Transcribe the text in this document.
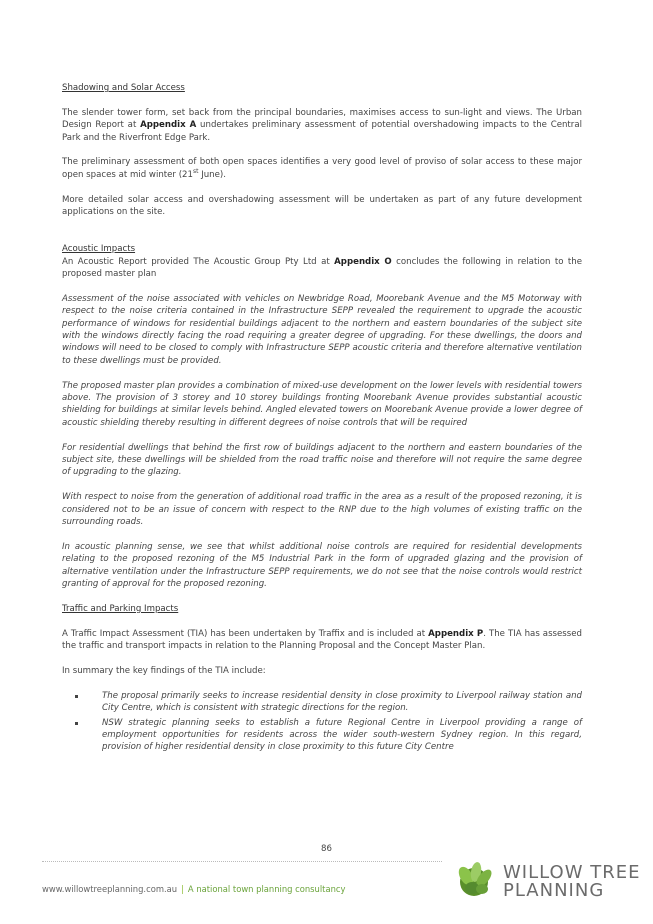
Shadowing and Solar Access

The slender tower form, set back from the principal boundaries, maximises access to sun-light and views. The Urban Design Report at Appendix A undertakes preliminary assessment of potential overshadowing impacts to the Central Park and the Riverfront Edge Park.

The preliminary assessment of both open spaces identifies a very good level of proviso of solar access to these major open spaces at mid winter (21st June).

More detailed solar access and overshadowing assessment will be undertaken as part of any future development applications on the site.

Acoustic Impacts

An Acoustic Report provided The Acoustic Group Pty Ltd at Appendix O concludes the following in relation to the proposed master plan

Assessment of the noise associated with vehicles on Newbridge Road, Moorebank Avenue and the M5 Motorway with respect to the noise criteria contained in the Infrastructure SEPP revealed the requirement to upgrade the acoustic performance of windows for residential buildings adjacent to the northern and eastern boundaries of the subject site with the windows directly facing the road requiring a greater degree of upgrading. For these dwellings, the doors and windows will need to be closed to comply with Infrastructure SEPP acoustic criteria and therefore alternative ventilation to these dwellings must be provided.

The proposed master plan provides a combination of mixed-use development on the lower levels with residential towers above. The provision of 3 storey and 10 storey buildings fronting Moorebank Avenue provides substantial acoustic shielding for buildings at similar levels behind. Angled elevated towers on Moorebank Avenue provide a lower degree of acoustic shielding thereby resulting in different degrees of noise controls that will be required

For residential dwellings that behind the first row of buildings adjacent to the northern and eastern boundaries of the subject site, these dwellings will be shielded from the road traffic noise and therefore will not require the same degree of upgrading to the glazing.

With respect to noise from the generation of additional road traffic in the area as a result of the proposed rezoning, it is considered not to be an issue of concern with respect to the RNP due to the high volumes of existing traffic on the surrounding roads.

In acoustic planning sense, we see that whilst additional noise controls are required for residential developments relating to the proposed rezoning of the M5 Industrial Park in the form of upgraded glazing and the provision of alternative ventilation under the Infrastructure SEPP requirements, we do not see that the noise controls would restrict granting of approval for the proposed rezoning.

Traffic and Parking Impacts

A Traffic Impact Assessment (TIA) has been undertaken by Traffix and is included at Appendix P. The TIA has assessed the traffic and transport impacts in relation to the Planning Proposal and the Concept Master Plan.

In summary the key findings of the TIA include:

The proposal primarily seeks to increase residential density in close proximity to Liverpool railway station and City Centre, which is consistent with strategic directions for the region.
NSW strategic planning seeks to establish a future Regional Centre in Liverpool providing a range of employment opportunities for residents across the wider south-western Sydney region. In this regard, provision of higher residential density in close proximity to this future City Centre
86
www.willowtreeplanning.com.au | A national town planning consultancy
WILLOW TREE
PLANNING
